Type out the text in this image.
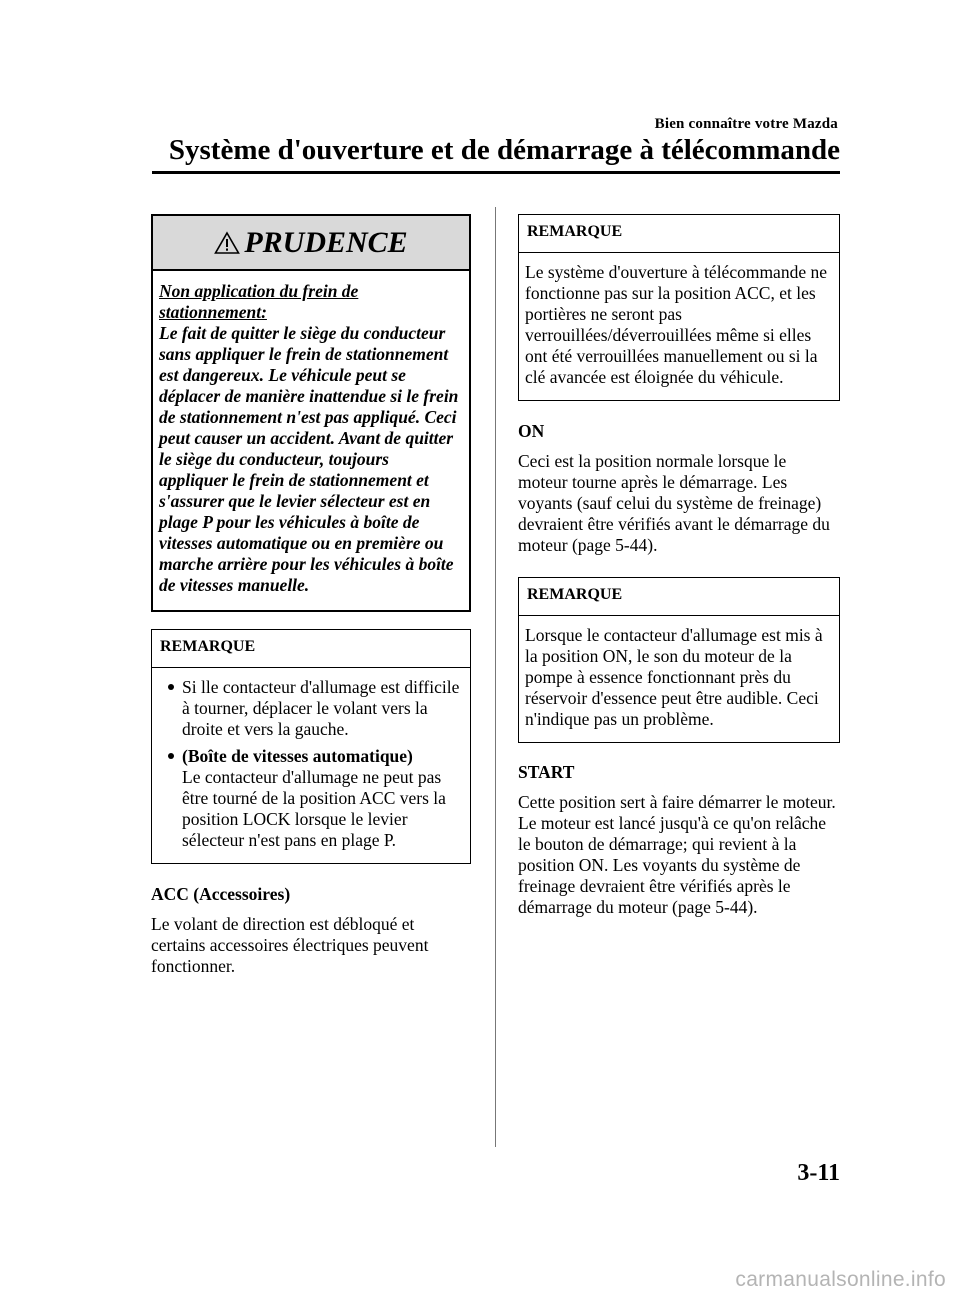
Bien connaître votre Mazda
Système d'ouverture et de démarrage à télécommande
PRUDENCE
Non application du frein de stationnement:
Le fait de quitter le siège du conducteur sans appliquer le frein de stationnement est dangereux. Le véhicule peut se déplacer de manière inattendue si le frein de stationnement n'est pas appliqué. Ceci peut causer un accident. Avant de quitter le siège du conducteur, toujours appliquer le frein de stationnement et s'assurer que le levier sélecteur est en plage P pour les véhicules à boîte de vitesses automatique ou en première ou marche arrière pour les véhicules à boîte de vitesses manuelle.
REMARQUE
Si lle contacteur d'allumage est difficile à tourner, déplacer le volant vers la droite et vers la gauche.
(Boîte de vitesses automatique)
Le contacteur d'allumage ne peut pas être tourné de la position ACC vers la position LOCK lorsque le levier sélecteur n'est pans en plage P.
ACC (Accessoires)

Le volant de direction est débloqué et certains accessoires électriques peuvent fonctionner.

REMARQUE
Le système d'ouverture à télécommande ne fonctionne pas sur la position ACC, et les portières ne seront pas verrouillées/déverrouillées même si elles ont été verrouillées manuellement ou si la clé avancée est éloignée du véhicule.
ON

Ceci est la position normale lorsque le moteur tourne après le démarrage. Les voyants (sauf celui du système de freinage) devraient être vérifiés avant le démarrage du moteur (page 5-44).

REMARQUE
Lorsque le contacteur d'allumage est mis à la position ON, le son du moteur de la pompe à essence fonctionnant près du réservoir d'essence peut être audible. Ceci n'indique pas un problème.
START

Cette position sert à faire démarrer le moteur. Le moteur est lancé jusqu'à ce qu'on relâche le bouton de démarrage; qui revient à la position ON. Les voyants du système de freinage devraient être vérifiés après le démarrage du moteur (page 5-44).

3-11
carmanualsonline.info
